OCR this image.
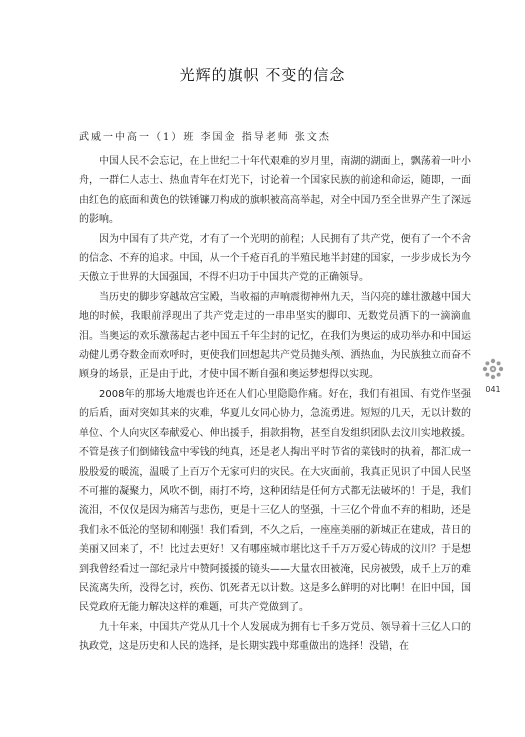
光辉的旗帜 不变的信念
武威一中高一（1）班 李国金 指导老师 张文杰

中国人民不会忘记，在上世纪二十年代艰难的岁月里，南湖的湖面上，飘荡着一叶小舟，一群仁人志士、热血青年在灯光下，讨论着一个国家民族的前途和命运，随即，一面由红色的底面和黄色的铁锤镰刀构成的旗帜被高高举起，对全中国乃至全世界产生了深远的影响。

因为中国有了共产党，才有了一个光明的前程；人民拥有了共产党，便有了一个不舍的信念、不弃的追求。中国，从一个千疮百孔的半殖民地半封建的国家，一步步成长为今天傲立于世界的大国强国，不得不归功于中国共产党的正确领导。

当历史的脚步穿越故宫宝殿，当收福的声响震彻神州九天，当闪亮的雄壮激越中国大地的时候，我眼前浮现出了共产党走过的一串串坚实的脚印、无数党员洒下的一滴滴血泪。当奥运的欢乐激荡起古老中国五千年尘封的记忆，在我们为奥运的成功举办和中国运动健儿勇夺数金而欢呼时，更使我们回想起共产党员抛头颅、洒热血，为民族独立而奋不顾身的场景，正是由于此，才使中国不断自强和奥运梦想得以实现。

2008年的那场大地震也许还在人们心里隐隐作痛。好在，我们有祖国、有党作坚强的后盾，面对突如其来的灾难，华夏儿女同心协力，急流勇进。短短的几天，无以计数的单位、个人向灾区奉献爱心、伸出援手，捐款捐物，甚至自发组织团队去汶川实地救援。不管是孩子们倒储钱盒中零钱的纯真，还是老人掏出平时节省的菜钱时的执着，都汇成一股股爱的暖流，温暖了上百万个无家可归的灾民。在大灾面前，我真正见识了中国人民坚不可摧的凝聚力，风吹不倒，雨打不垮，这种团结是任何方式都无法破坏的！于是，我们流泪，不仅仅是因为痛苦与悲伤，更是十三亿人的坚强，十三亿个骨血不弃的相助，还是我们永不低沦的坚韧和刚强！我们看到，不久之后，一座座美丽的新城正在建成，昔日的美丽又回来了，不！比过去更好！又有哪座城市堪比这千千万万爱心铸成的汶川？于是想到我曾经看过一部纪录片中赞阿援援的镜头——大量农田被淹，民房被毁，成千上万的难民流离失所，没得乞讨，疾伤、饥死者无以计数。这是多么鲜明的对比啊！在旧中国，国民党政府无能力解决这样的难题，可共产党做到了。

九十年来，中国共产党从几十个人发展成为拥有七千多万党员、领导着十三亿人口的执政党，这是历史和人民的选择，是长期实践中郑重做出的选择！没错，在

041
